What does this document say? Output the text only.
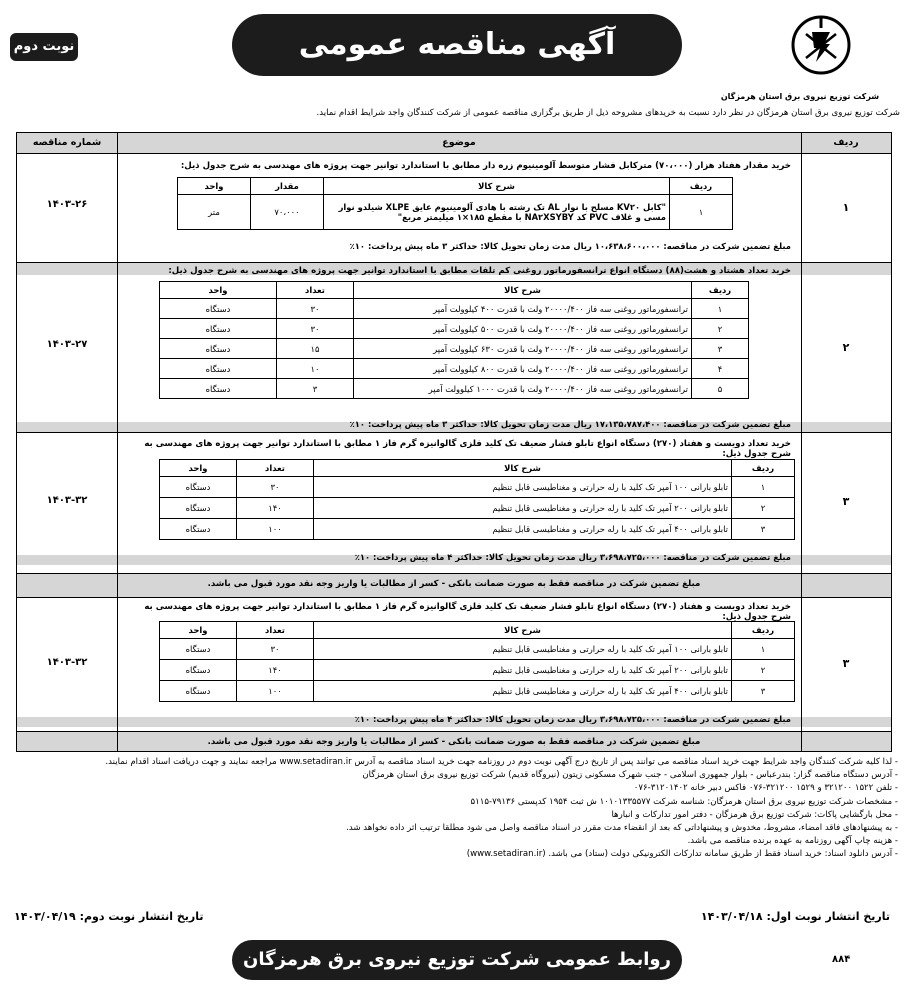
آگهی مناقصه عمومی
نوبت دوم
شرکت توزیع نیروی برق استان هرمزگان
شرکت توزیع نیروی برق استان هرمزگان در نظر دارد نسبت به خریدهای مشروحه ذیل از طریق برگزاری مناقصه عمومی از شرکت کنندگان واجد شرایط اقدام نماید.
ردیف
موضوع
شماره مناقصه
۱
۱۴۰۳-۲۶
خرید مقدار هفتاد هزار (۷۰،۰۰۰) مترکابل فشار متوسط آلومینیوم زره دار مطابق با استاندارد توانیر جهت پروژه های مهندسی به شرح جدول ذیل:
ردیف	شرح کالا	مقدار	واحد
۱	"کابل KV۲۰ مسلح با نوار AL تک رشته با هادی آلومینیوم عایق XLPE شیلدو نوار مسی و غلاف PVC کد NA۲XSYBY با مقطع ۱۸۵×۱ میلیمتر مربع"	۷۰،۰۰۰	متر
مبلغ تضمین شرکت در مناقصه: ۱۰،۶۳۸،۶۰۰،۰۰۰ ریال مدت زمان تحویل کالا: حداکثر ۳ ماه پیش پرداخت: ۱۰٪
۲
۱۴۰۳-۲۷
خرید تعداد هشتاد و هشت(۸۸) دستگاه انواع ترانسفورماتور روغنی کم تلفات مطابق با استاندارد توانیر جهت پروژه های مهندسی به شرح جدول ذیل:
ردیف	شرح کالا	تعداد	واحد
۱	ترانسفورماتور روغنی سه فاز ۲۰۰۰۰/۴۰۰ ولت با قدرت ۴۰۰ کیلوولت آمپر	۳۰	دستگاه
۲	ترانسفورماتور روغنی سه فاز ۲۰۰۰۰/۴۰۰ ولت با قدرت ۵۰۰ کیلوولت آمپر	۳۰	دستگاه
۳	ترانسفورماتور روغنی سه فاز ۲۰۰۰۰/۴۰۰ ولت با قدرت ۶۳۰ کیلوولت آمپر	۱۵	دستگاه
۴	ترانسفورماتور روغنی سه فاز ۲۰۰۰۰/۴۰۰ ولت با قدرت ۸۰۰ کیلوولت آمپر	۱۰	دستگاه
۵	ترانسفورماتور روغنی سه فاز ۲۰۰۰۰/۴۰۰ ولت با قدرت ۱۰۰۰ کیلوولت آمپر	۳	دستگاه
مبلغ تضمین شرکت در مناقصه: ۱۷،۱۳۵،۷۸۷،۴۰۰ ریال مدت زمان تحویل کالا: حداکثر ۳ ماه پیش پرداخت: ۱۰٪
۳
۱۴۰۳-۳۲
خرید تعداد دویست و هفتاد (۲۷۰) دستگاه انواع تابلو فشار ضعیف تک کلید فلزی گالوانیزه گرم فاز ۱ مطابق با استاندارد توانیر جهت پروژه های مهندسی به شرح جدول ذیل:
ردیف	شرح کالا	تعداد	واحد
۱	تابلو بارانی ۱۰۰ آمپر تک کلید با رله حرارتی و مغناطیسی قابل تنظیم	۳۰	دستگاه
۲	تابلو بارانی ۲۰۰ آمپر تک کلید با رله حرارتی و مغناطیسی قابل تنظیم	۱۴۰	دستگاه
۳	تابلو بارانی ۴۰۰ آمپر تک کلید با رله حرارتی و مغناطیسی قابل تنظیم	۱۰۰	دستگاه
مبلغ تضمین شرکت در مناقصه: ۳،۶۹۸،۷۲۵،۰۰۰ ریال مدت زمان تحویل کالا: حداکثر ۴ ماه پیش پرداخت: ۱۰٪
مبلغ تضمین شرکت در مناقصه فقط به صورت ضمانت بانکی - کسر از مطالبات یا واریز وجه نقد مورد قبول می باشد.
۳
۱۴۰۳-۳۲
خرید تعداد دویست و هفتاد (۲۷۰) دستگاه انواع تابلو فشار ضعیف تک کلید فلزی گالوانیزه گرم فاز ۱ مطابق با استاندارد توانیر جهت پروژه های مهندسی به شرح جدول ذیل:
ردیف	شرح کالا	تعداد	واحد
۱	تابلو بارانی ۱۰۰ آمپر تک کلید با رله حرارتی و مغناطیسی قابل تنظیم	۳۰	دستگاه
۲	تابلو بارانی ۲۰۰ آمپر تک کلید با رله حرارتی و مغناطیسی قابل تنظیم	۱۴۰	دستگاه
۳	تابلو بارانی ۴۰۰ آمپر تک کلید با رله حرارتی و مغناطیسی قابل تنظیم	۱۰۰	دستگاه
مبلغ تضمین شرکت در مناقصه: ۳،۶۹۸،۷۲۵،۰۰۰ ریال مدت زمان تحویل کالا: حداکثر ۴ ماه پیش پرداخت: ۱۰٪
مبلغ تضمین شرکت در مناقصه فقط به صورت ضمانت بانکی - کسر از مطالبات یا واریز وجه نقد مورد قبول می باشد.
- لذا کلیه شرکت کنندگان واجد شرایط جهت خرید اسناد مناقصه می توانند پس از تاریخ درج آگهی نوبت دوم در روزنامه جهت خرید اسناد مناقصه به آدرس www.setadiran.ir مراجعه نمایند و جهت دریافت اسناد اقدام نمایند.
- آدرس دستگاه مناقصه گزار: بندرعباس - بلوار جمهوری اسلامی - جنب شهرک مسکونی زیتون (نیروگاه قدیم) شرکت توزیع نیروی برق استان هرمزگان
- تلفن ۱۵۲۲ ۳۲۱۲۰۰ و ۱۵۲۹ ۳۲۱۲۰۰-۰۷۶ فاکس دبیر خانه ۳۱۲۰۱۴۰۲-۰۷۶
- مشخصات شرکت توزیع نیروی برق استان هرمزگان: شناسه شرکت ۱۰۱۰۱۳۳۵۵۷۷ ش ثبت ۱۹۵۴ کدپستی ۷۹۱۳۶-۵۱۱۵
- محل بارگشایی پاکات: شرکت توزیع برق هرمزگان - دفتر امور تدارکات و انبارها
- به پیشنهادهای فاقد امضاء، مشروط، مخدوش و پیشنهاداتی که بعد از انقضاء مدت مقرر در اسناد مناقصه واصل می شود مطلقا ترتیب اثر داده نخواهد شد.
- هزینه چاپ آگهی روزنامه به عهده برنده مناقصه می باشد.
- آدرس دانلود اسناد: خرید اسناد فقط از طریق سامانه تدارکات الکترونیکی دولت (ستاد) می باشد. (www.setadiran.ir)
تاریخ انتشار نوبت اول: ۱۴۰۳/۰۴/۱۸
تاریخ انتشار نوبت دوم: ۱۴۰۳/۰۴/۱۹
روابط عمومی شرکت توزیع نیروی برق هرمزگان	۸۸۴
